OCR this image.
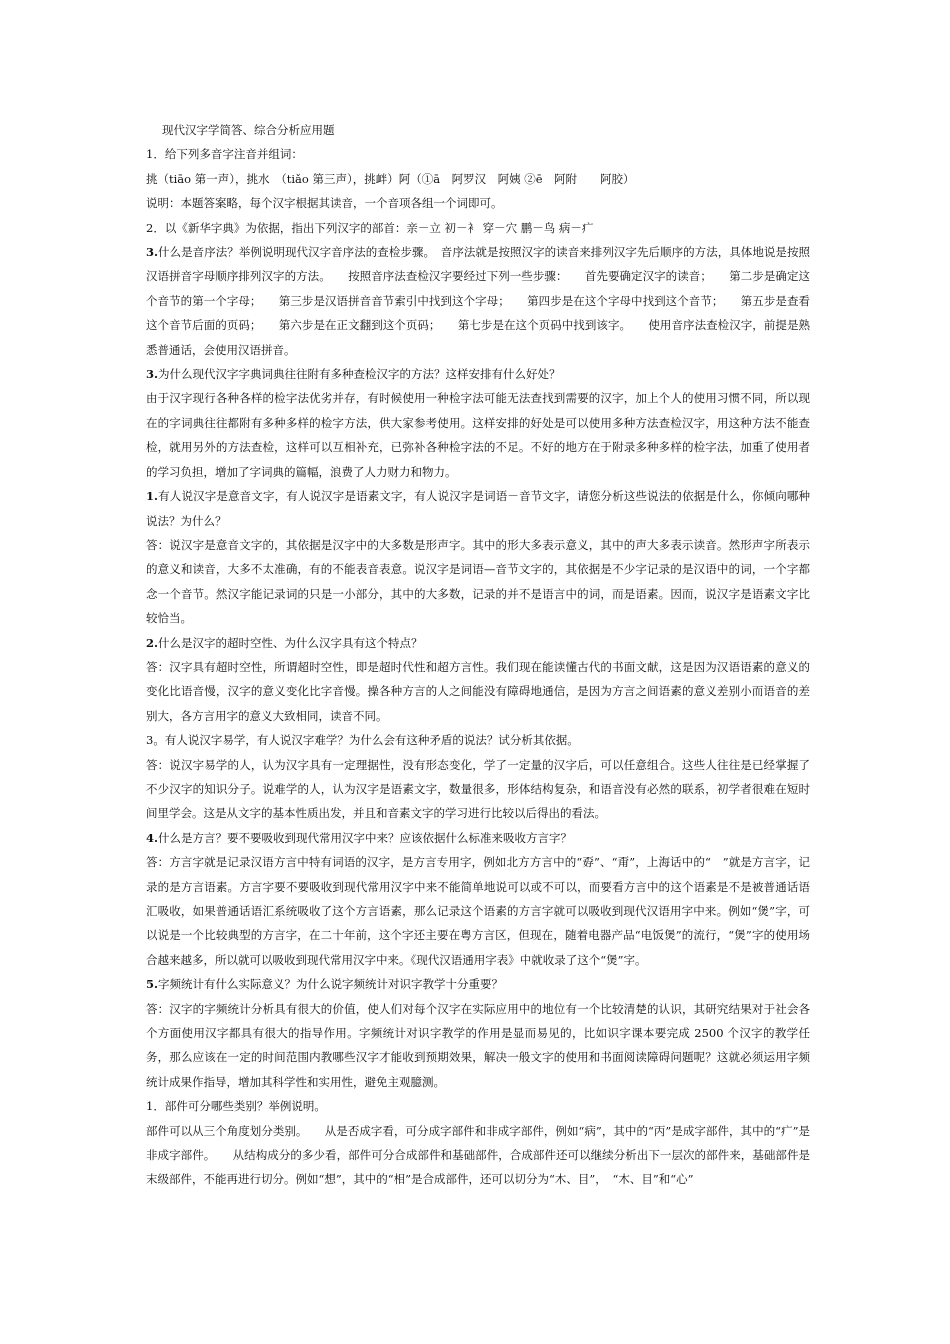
现代汉字学简答、综合分析应用题

1．给下列多音字注音并组词：

挑（tiāo 第一声），挑水　（tiǎo 第三声），挑衅）阿（①ā　阿罗汉　阿姨 ②ē　阿附　　阿胶）

说明：本题答案略，每个汉字根据其读音，一个音项各组一个词即可。

2．以《新华字典》为依据，指出下列汉字的部首：亲－立 初－衤 穿－穴 鹏－鸟 病－疒

3.什么是音序法？举例说明现代汉字音序法的查检步骤。　音序法就是按照汉字的读音来排列汉字先后顺序的方法，具体地说是按照汉语拼音字母顺序排列汉字的方法。　　按照音序法查检汉字要经过下列一些步骤：　　首先要确定汉字的读音；　　第二步是确定这个音节的第一个字母；　　第三步是汉语拼音音节索引中找到这个字母；　　第四步是在这个字母中找到这个音节；　　第五步是查看这个音节后面的页码；　　第六步是在正文翻到这个页码；　　第七步是在这个页码中找到该字。　　使用音序法查检汉字，前提是熟悉普通话，会使用汉语拼音。

3.为什么现代汉字字典词典往往附有多种查检汉字的方法？这样安排有什么好处？

由于汉字现行各种各样的检字法优劣并存，有时候使用一种检字法可能无法查找到需要的汉字，加上个人的使用习惯不同，所以现在的字词典往往都附有多种多样的检字方法，供大家参考使用。这样安排的好处是可以使用多种方法查检汉字，用这种方法不能查检，就用另外的方法查检，这样可以互相补充，已弥补各种检字法的不足。不好的地方在于附录多种多样的检字法，加重了使用者的学习负担，增加了字词典的篇幅，浪费了人力财力和物力。

1.有人说汉字是意音文字，有人说汉字是语素文字，有人说汉字是词语－音节文字，请您分析这些说法的依据是什么，你倾向哪种说法？为什么？

答：说汉字是意音文字的，其依据是汉字中的大多数是形声字。其中的形大多表示意义，其中的声大多表示读音。然形声字所表示的意义和读音，大多不太准确，有的不能表音表意。说汉字是词语—音节文字的，其依据是不少字记录的是汉语中的词，一个字都念一个音节。然汉字能记录词的只是一小部分，其中的大多数，记录的并不是语言中的词，而是语素。因而，说汉字是语素文字比较恰当。

2.什么是汉字的超时空性、为什么汉字具有这个特点？

答：汉字具有超时空性，所谓超时空性，即是超时代性和超方言性。我们现在能读懂古代的书面文献，这是因为汉语语素的意义的变化比语音慢，汉字的意义变化比字音慢。操各种方言的人之间能没有障碍地通信，是因为方言之间语素的意义差别小而语音的差别大，各方言用字的意义大致相同，读音不同。

3。有人说汉字易学，有人说汉字难学？为什么会有这种矛盾的说法？试分析其依据。

答：说汉字易学的人，认为汉字具有一定理据性，没有形态变化，学了一定量的汉字后，可以任意组合。这些人往往是已经掌握了不少汉字的知识分子。说难学的人，认为汉字是语素文字，数量很多，形体结构复杂，和语音没有必然的联系，初学者很难在短时间里学会。这是从文字的基本性质出发，并且和音素文字的学习进行比较以后得出的看法。

4.什么是方言？要不要吸收到现代常用汉字中来？应该依据什么标准来吸收方言字？

答：方言字就是记录汉语方言中特有词语的汉字，是方言专用字，例如北方方言中的“孬”、“甭”，上海话中的“　”就是方言字，记录的是方言语素。方言字要不要吸收到现代常用汉字中来不能简单地说可以或不可以，而要看方言中的这个语素是不是被普通话语汇吸收，如果普通话语汇系统吸收了这个方言语素，那么记录这个语素的方言字就可以吸收到现代汉语用字中来。例如“煲”字，可以说是一个比较典型的方言字，在二十年前，这个字还主要在粤方言区，但现在，随着电器产品“电饭煲”的流行，“煲”字的使用场合越来越多，所以就可以吸收到现代常用汉字中来。《现代汉语通用字表》中就收录了这个“煲”字。

5.字频统计有什么实际意义？为什么说字频统计对识字教学十分重要？

答：汉字的字频统计分析具有很大的价值，使人们对每个汉字在实际应用中的地位有一个比较清楚的认识，其研究结果对于社会各个方面使用汉字都具有很大的指导作用。字频统计对识字教学的作用是显而易见的，比如识字课本要完成 2500 个汉字的教学任务，那么应该在一定的时间范围内教哪些汉字才能收到预期效果，解决一般文字的使用和书面阅读障碍问题呢？这就必须运用字频统计成果作指导，增加其科学性和实用性，避免主观臆测。

1．部件可分哪些类别？举例说明。

部件可以从三个角度划分类别。　　从是否成字看，可分成字部件和非成字部件，例如“病”，其中的“丙”是成字部件，其中的“疒”是非成字部件。　　从结构成分的多少看，部件可分合成部件和基础部件，合成部件还可以继续分析出下一层次的部件来，基础部件是末级部件，不能再进行切分。例如“想”，其中的“相”是合成部件，还可以切分为“木、目”，　“木、目”和“心”
